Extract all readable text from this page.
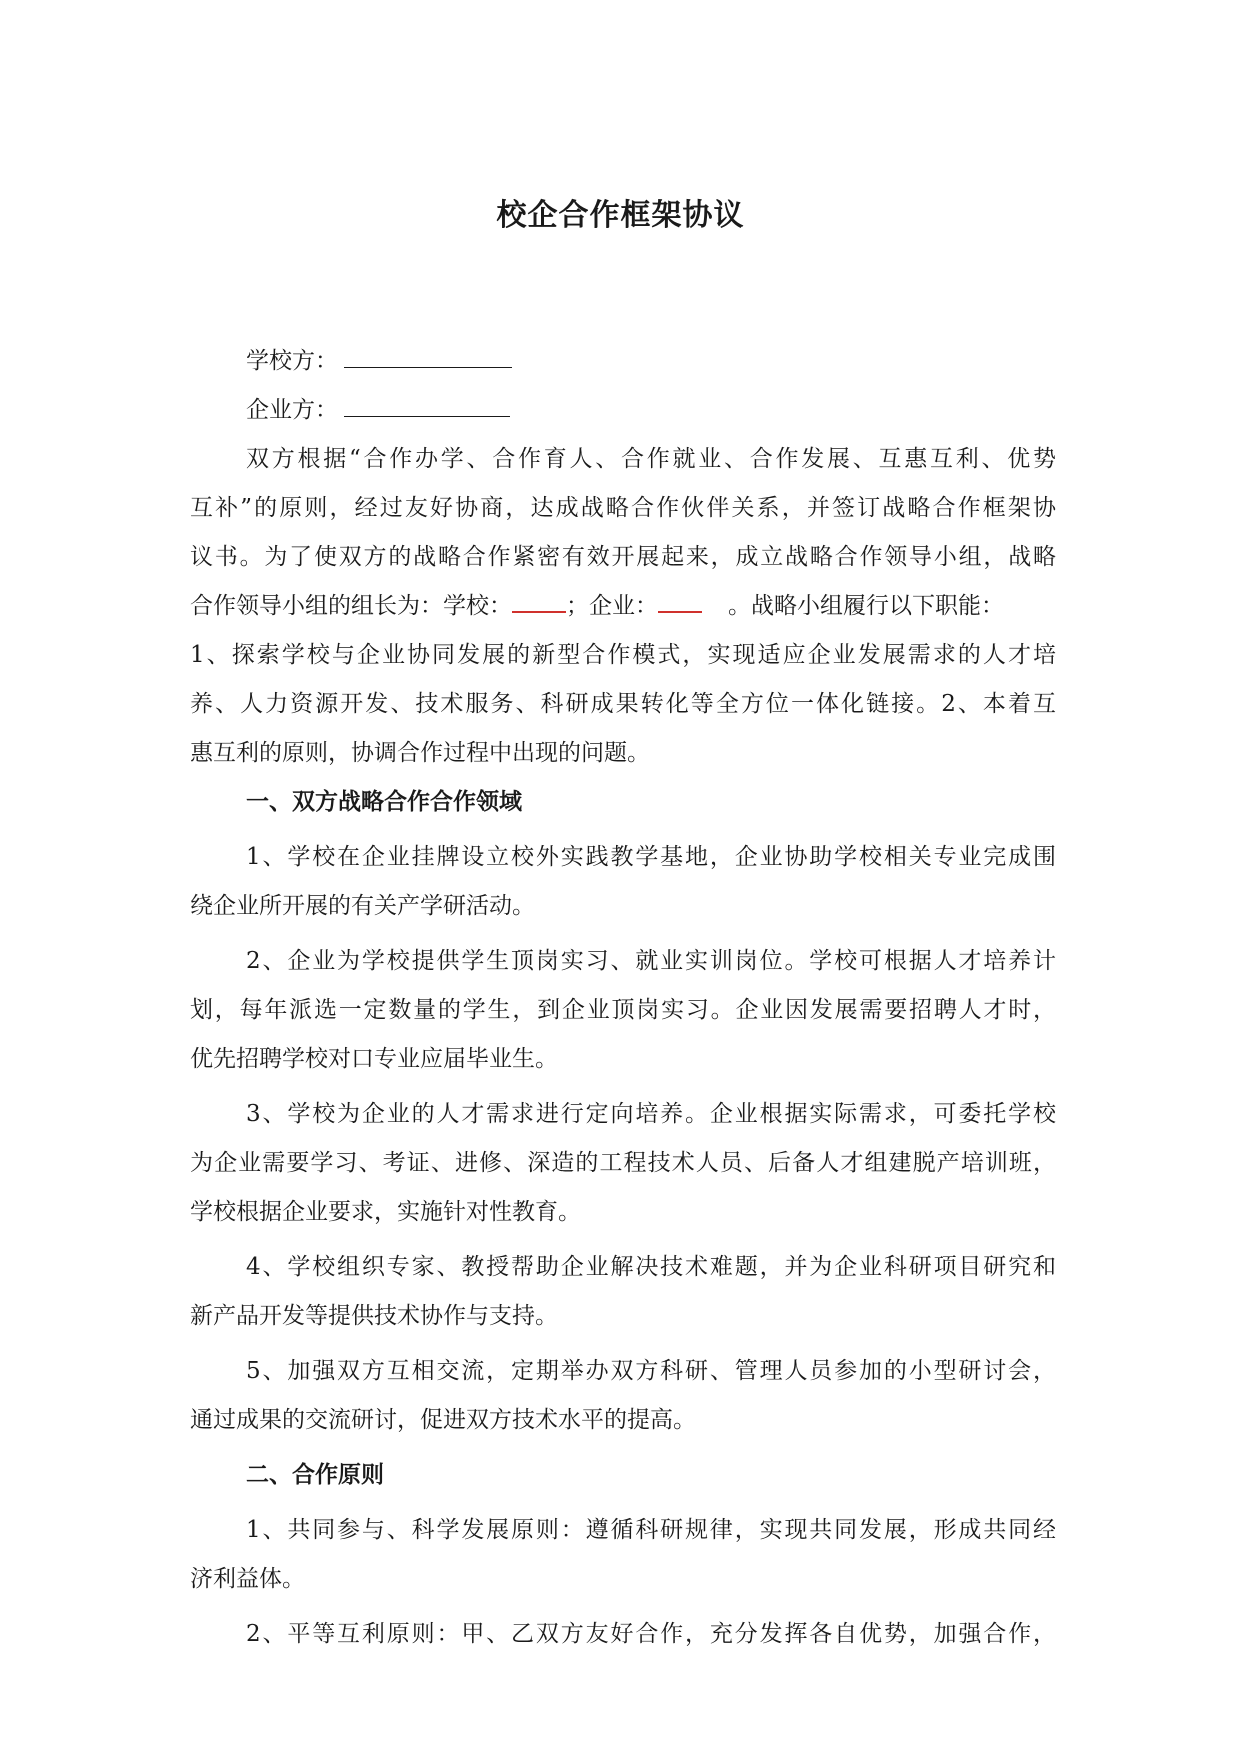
校企合作框架协议
学校方：
企业方：
双方根据“合作办学、合作育人、合作就业、合作发展、互惠互利、优势
互补”的原则，经过友好协商，达成战略合作伙伴关系，并签订战略合作框架协
议书。为了使双方的战略合作紧密有效开展起来，成立战略合作领导小组，战略
合作领导小组的组长为：学校： ；企业：	。战略小组履行以下职能：
1、探索学校与企业协同发展的新型合作模式，实现适应企业发展需求的人才培
养、人力资源开发、技术服务、科研成果转化等全方位一体化链接。2、本着互
惠互利的原则，协调合作过程中出现的问题。
一、双方战略合作合作领域
1、学校在企业挂牌设立校外实践教学基地，企业协助学校相关专业完成围
绕企业所开展的有关产学研活动。
2、企业为学校提供学生顶岗实习、就业实训岗位。学校可根据人才培养计
划，每年派选一定数量的学生，到企业顶岗实习。企业因发展需要招聘人才时，
优先招聘学校对口专业应届毕业生。
3、学校为企业的人才需求进行定向培养。企业根据实际需求，可委托学校
为企业需要学习、考证、进修、深造的工程技术人员、后备人才组建脱产培训班，
学校根据企业要求，实施针对性教育。
4、学校组织专家、教授帮助企业解决技术难题，并为企业科研项目研究和
新产品开发等提供技术协作与支持。
5、加强双方互相交流，定期举办双方科研、管理人员参加的小型研讨会，
通过成果的交流研讨，促进双方技术水平的提高。
二、合作原则
1、共同参与、科学发展原则：遵循科研规律，实现共同发展，形成共同经
济利益体。
2、平等互利原则：甲、乙双方友好合作，充分发挥各自优势，加强合作，
